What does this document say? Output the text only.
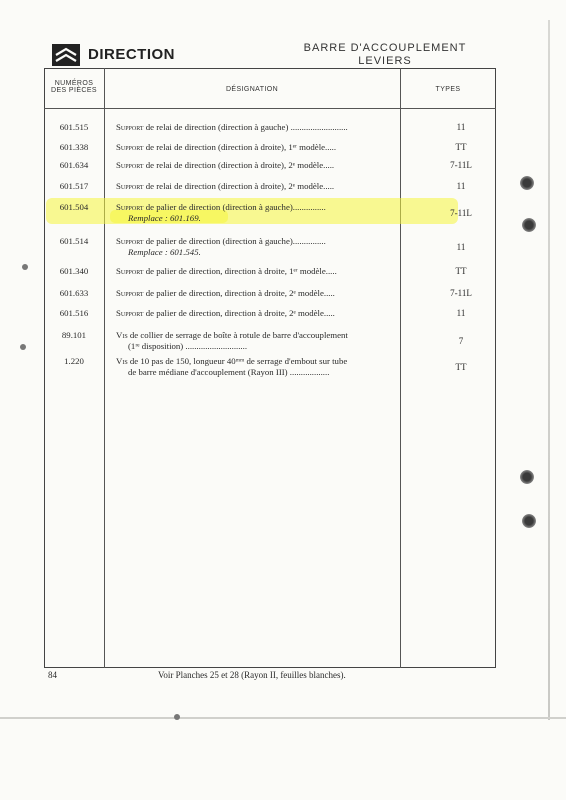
DIRECTION	BARRE D'ACCOUPLEMENT
LEVIERS
NUMÉROS
DES PIÈCES	DÉSIGNATION	TYPES
601.515	Support de relai de direction (direction à gauche) ..........................	11
601.338	Support de relai de direction (direction à droite), 1ᵉʳ modèle.....	TT
601.634	Support de relai de direction (direction à droite), 2ᵉ modèle.....	7-11L
601.517	Support de relai de direction (direction à droite), 2ᵉ modèle.....	11
601.504	Support de palier de direction (direction à gauche)...............
Remplace : 601.169.	7-11L
601.514	Support de palier de direction (direction à gauche)...............
Remplace : 601.545.	11
601.340	Support de palier de direction, direction à droite, 1ᵉʳ modèle.....	TT
601.633	Support de palier de direction, direction à droite, 2ᵉ modèle.....	7-11L
601.516	Support de palier de direction, direction à droite, 2ᵉ modèle.....	11
89.101	Vis de collier de serrage de boîte à rotule de barre d'accouplement
(1ʳᵉ disposition) ............................	7
1.220	Vis de 10 pas de 150, longueur 40ᵐᵐ de serrage d'embout sur tube
de barre médiane d'accouplement (Rayon III) ..................	TT
84	Voir Planches 25 et 28 (Rayon II, feuilles blanches).
